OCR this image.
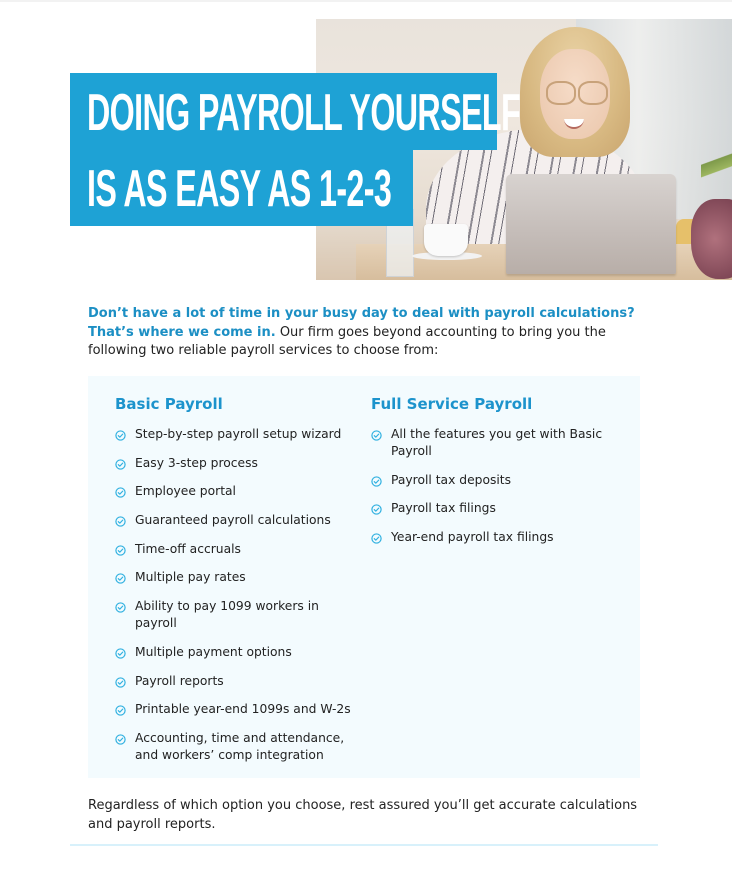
DOING PAYROLL YOURSELF
IS AS EASY AS 1-2-3

Don’t have a lot of time in your busy day to deal with payroll calculations? That’s where we come in. Our firm goes beyond accounting to bring you the following two reliable payroll services to choose from:

Basic Payroll
Step-by-step payroll setup wizard
Easy 3-step process
Employee portal
Guaranteed payroll calculations
Time-off accruals
Multiple pay rates
Ability to pay 1099 workers in payroll
Multiple payment options
Payroll reports
Printable year-end 1099s and W-2s
Accounting, time and attendance, and workers’ comp integration
Full Service Payroll
All the features you get with Basic Payroll
Payroll tax deposits
Payroll tax filings
Year-end payroll tax filings

Regardless of which option you choose, rest assured you’ll get accurate calculations and payroll reports.
